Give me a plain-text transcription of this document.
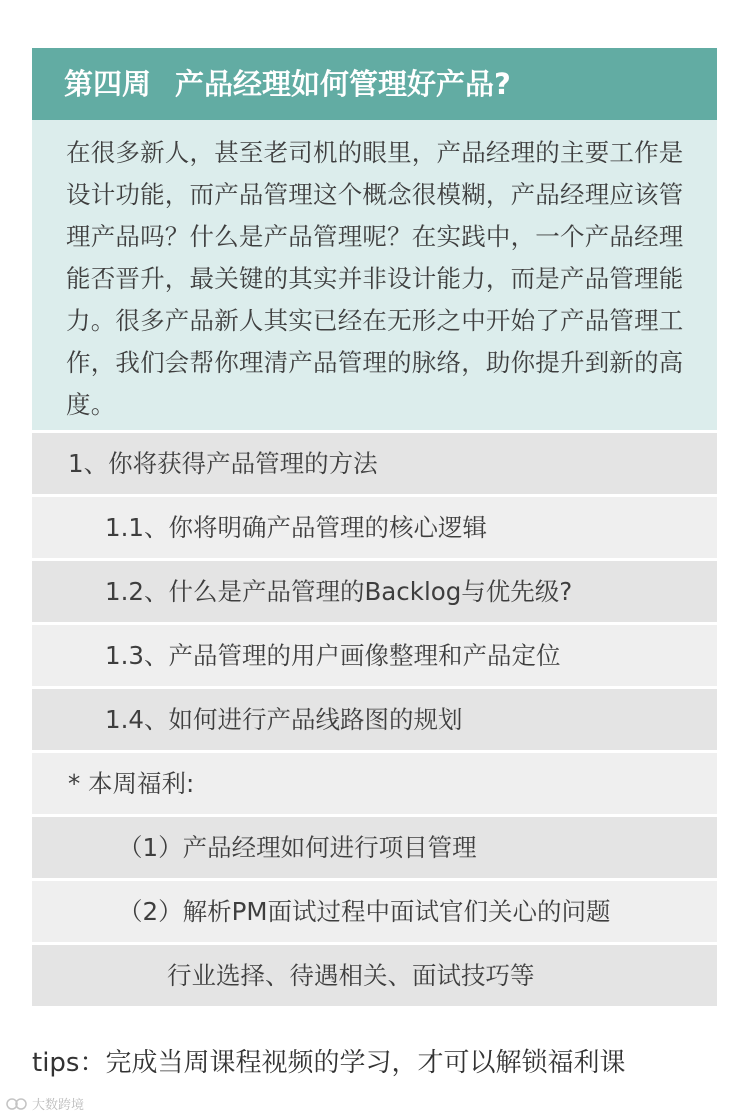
第四周 产品经理如何管理好产品?
在很多新人，甚至老司机的眼里，产品经理的主要工作是设计功能，而产品管理这个概念很模糊，产品经理应该管理产品吗？什么是产品管理呢？在实践中，一个产品经理能否晋升，最关键的其实并非设计能力，而是产品管理能力。很多产品新人其实已经在无形之中开始了产品管理工作，我们会帮你理清产品管理的脉络，助你提升到新的高度。
1、你将获得产品管理的方法
1.1、你将明确产品管理的核心逻辑
1.2、什么是产品管理的Backlog与优先级?
1.3、产品管理的用户画像整理和产品定位
1.4、如何进行产品线路图的规划
* 本周福利:
（1）产品经理如何进行项目管理
（2）解析PM面试过程中面试官们关心的问题
行业选择、待遇相关、面试技巧等
tips：完成当周课程视频的学习，才可以解锁福利课
大数跨境
